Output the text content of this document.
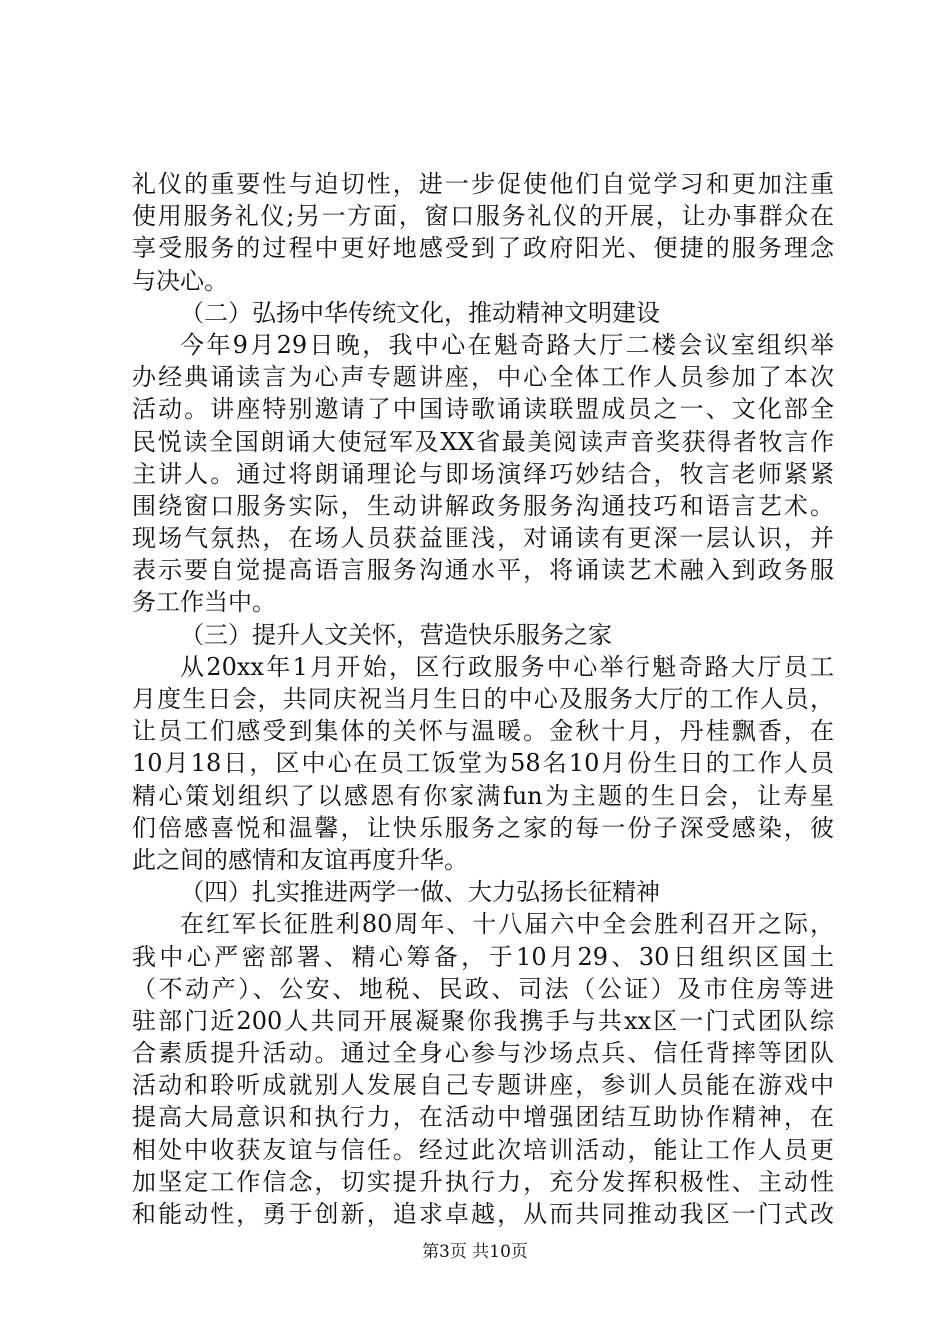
礼仪的重要性与迫切性，进一步促使他们自觉学习和更加注重
使用服务礼仪;另一方面，窗口服务礼仪的开展，让办事群众在
享受服务的过程中更好地感受到了政府阳光、便捷的服务理念
与决心。
（二）弘扬中华传统文化，推动精神文明建设
今年9月29日晚，我中心在魁奇路大厅二楼会议室组织举
办经典诵读言为心声专题讲座，中心全体工作人员参加了本次
活动。讲座特别邀请了中国诗歌诵读联盟成员之一、文化部全
民悦读全国朗诵大使冠军及XX省最美阅读声音奖获得者牧言作
主讲人。通过将朗诵理论与即场演绎巧妙结合，牧言老师紧紧
围绕窗口服务实际，生动讲解政务服务沟通技巧和语言艺术。
现场气氛热，在场人员获益匪浅，对诵读有更深一层认识，并
表示要自觉提高语言服务沟通水平，将诵读艺术融入到政务服
务工作当中。
（三）提升人文关怀，营造快乐服务之家
从20xx年1月开始，区行政服务中心举行魁奇路大厅员工
月度生日会，共同庆祝当月生日的中心及服务大厅的工作人员，
让员工们感受到集体的关怀与温暖。金秋十月，丹桂飘香，在
10月18日，区中心在员工饭堂为58名10月份生日的工作人员
精心策划组织了以感恩有你家满fun为主题的生日会，让寿星
们倍感喜悦和温馨，让快乐服务之家的每一份子深受感染，彼
此之间的感情和友谊再度升华。
（四）扎实推进两学一做、大力弘扬长征精神
在红军长征胜利80周年、十八届六中全会胜利召开之际，
我中心严密部署、精心筹备，于10月29、30日组织区国土
（不动产）、公安、地税、民政、司法（公证）及市住房等进
驻部门近200人共同开展凝聚你我携手与共xx区一门式团队综
合素质提升活动。通过全身心参与沙场点兵、信任背摔等团队
活动和聆听成就别人发展自己专题讲座，参训人员能在游戏中
提高大局意识和执行力，在活动中增强团结互助协作精神，在
相处中收获友谊与信任。经过此次培训活动，能让工作人员更
加坚定工作信念，切实提升执行力，充分发挥积极性、主动性
和能动性，勇于创新，追求卓越，从而共同推动我区一门式改
第3页 共10页
